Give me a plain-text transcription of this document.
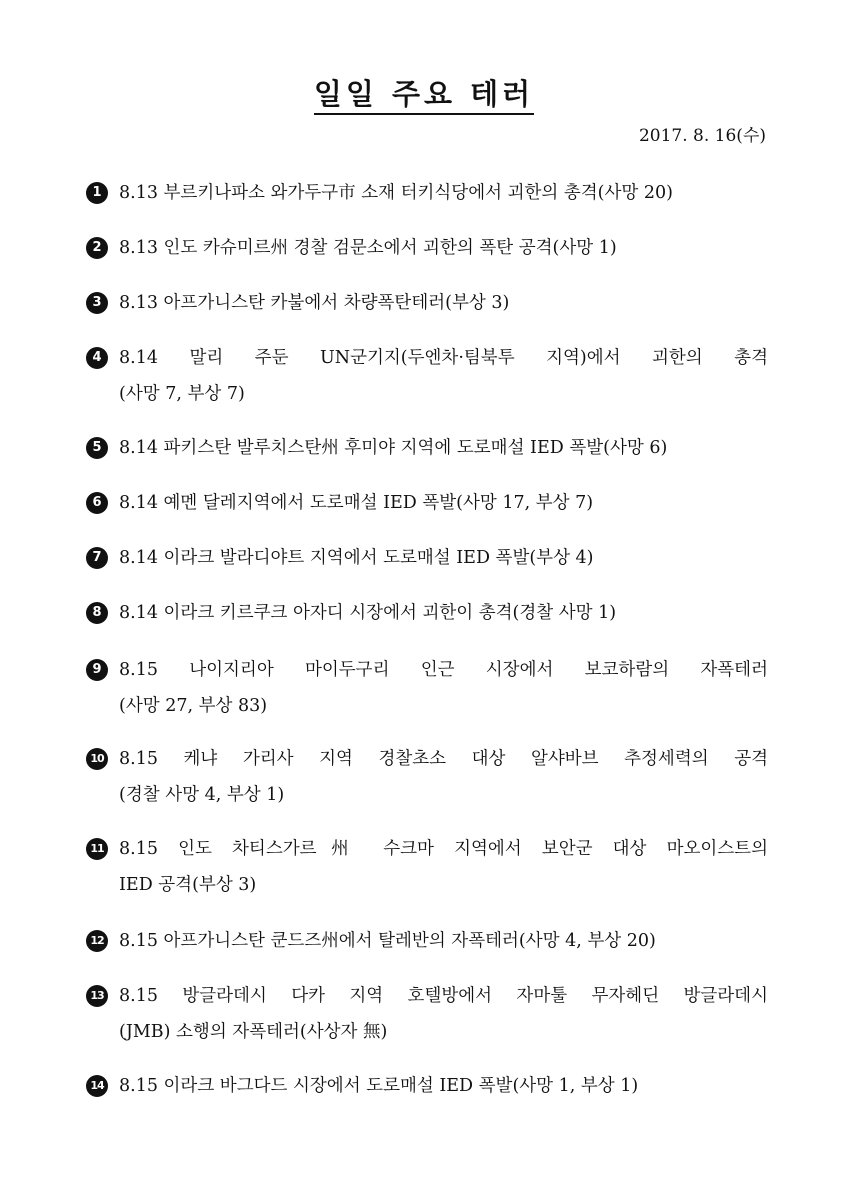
일일 주요 테러
2017. 8. 16(수)
1 8.13 부르키나파소 와가두구市 소재 터키식당에서 괴한의 총격(사망 20)
2 8.13 인도 카슈미르州 경찰 검문소에서 괴한의 폭탄 공격(사망 1)
3 8.13 아프가니스탄 카불에서 차량폭탄테러(부상 3)
4 8.14 말리 주둔 UN군기지(두엔차·팀북투 지역)에서 괴한의 총격
(사망 7, 부상 7)
5 8.14 파키스탄 발루치스탄州 후미야 지역에 도로매설 IED 폭발(사망 6)
6 8.14 예멘 달레지역에서 도로매설 IED 폭발(사망 17, 부상 7)
7 8.14 이라크 발라디야트 지역에서 도로매설 IED 폭발(부상 4)
8 8.14 이라크 키르쿠크 아자디 시장에서 괴한이 총격(경찰 사망 1)
9 8.15 나이지리아 마이두구리 인근 시장에서 보코하람의 자폭테러
(사망 27, 부상 83)
10 8.15 케냐 가리사 지역 경찰초소 대상 알샤바브 추정세력의 공격
(경찰 사망 4, 부상 1)
11 8.15 인도 차티스가르州 수크마 지역에서 보안군 대상 마오이스트의
IED 공격(부상 3)
12 8.15 아프가니스탄 쿤드즈州에서 탈레반의 자폭테러(사망 4, 부상 20)
13 8.15 방글라데시 다카 지역 호텔방에서 자마툴 무자헤딘 방글라데시
(JMB) 소행의 자폭테러(사상자 無)
14 8.15 이라크 바그다드 시장에서 도로매설 IED 폭발(사망 1, 부상 1)
